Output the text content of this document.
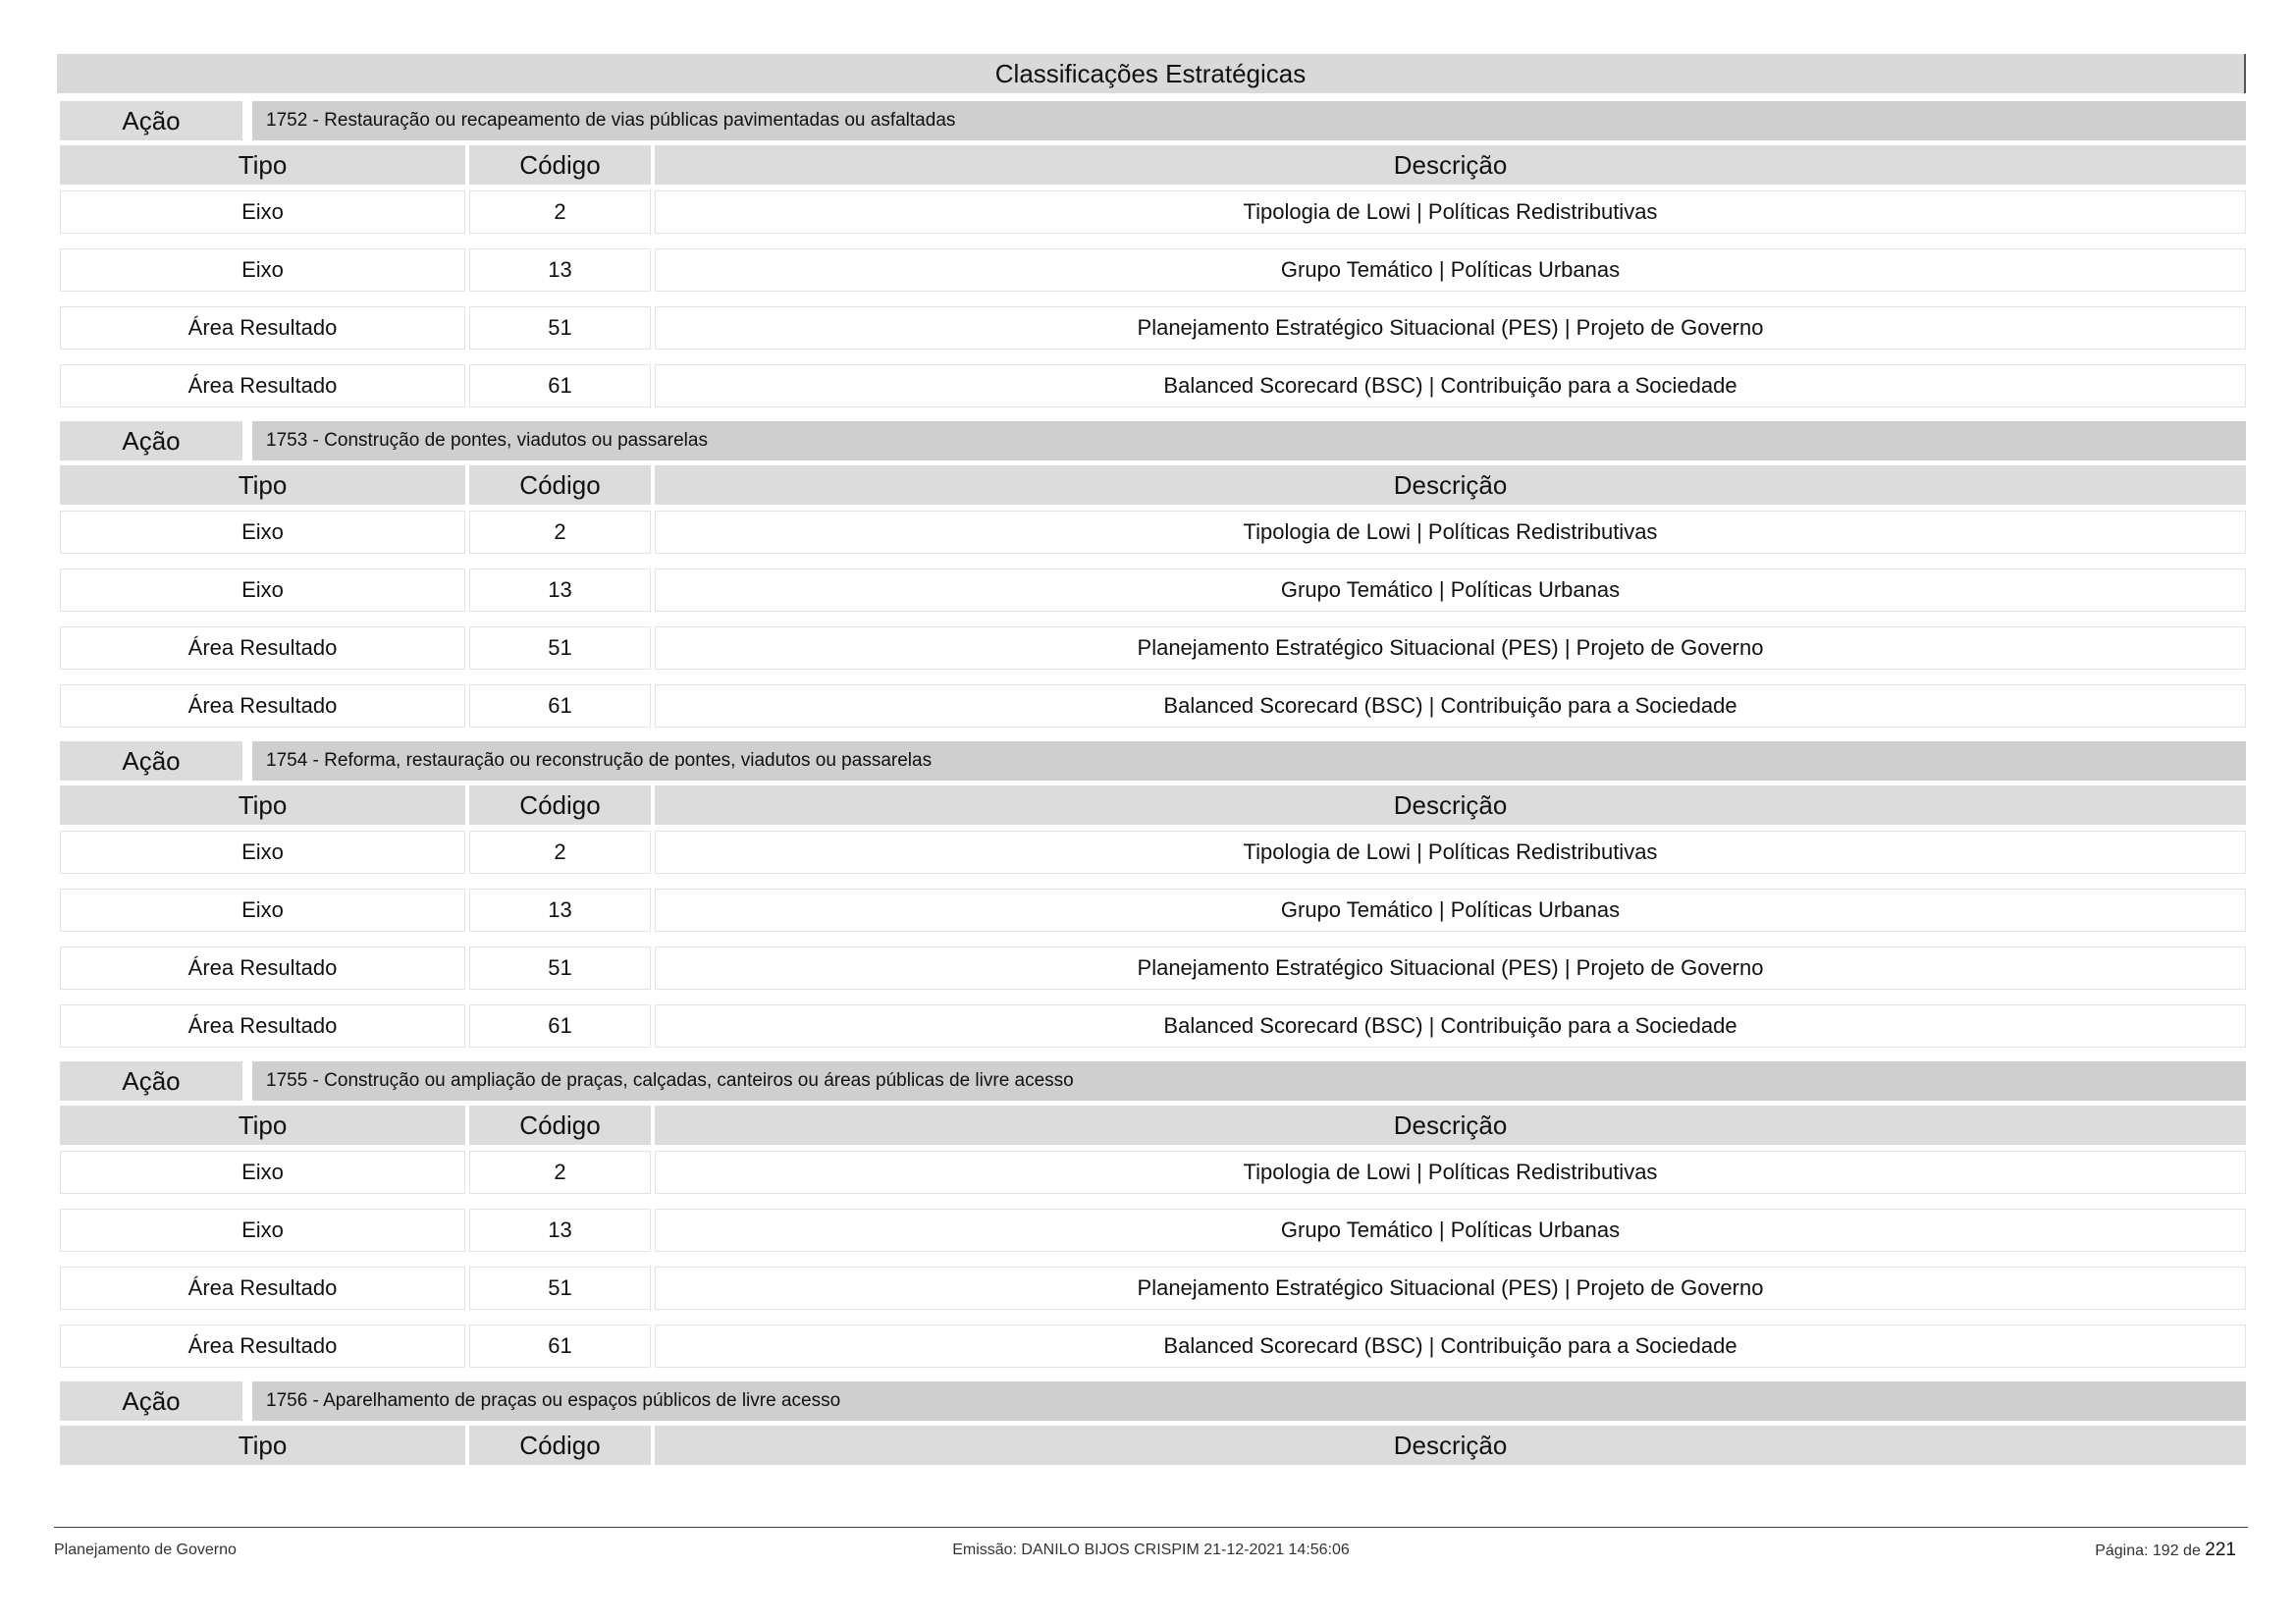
Classificações Estratégicas
Ação	1752 - Restauração ou recapeamento de vias públicas pavimentadas ou asfaltadas
Tipo	Código	Descrição
Eixo	2	Tipologia de Lowi | Políticas Redistributivas
Eixo	13	Grupo Temático | Políticas Urbanas
Área Resultado	51	Planejamento Estratégico Situacional (PES) | Projeto de Governo
Área Resultado	61	Balanced Scorecard (BSC) | Contribuição para a Sociedade
Ação	1753 - Construção de pontes, viadutos ou passarelas
Tipo	Código	Descrição
Eixo	2	Tipologia de Lowi | Políticas Redistributivas
Eixo	13	Grupo Temático | Políticas Urbanas
Área Resultado	51	Planejamento Estratégico Situacional (PES) | Projeto de Governo
Área Resultado	61	Balanced Scorecard (BSC) | Contribuição para a Sociedade
Ação	1754 - Reforma, restauração ou reconstrução de pontes, viadutos ou passarelas
Tipo	Código	Descrição
Eixo	2	Tipologia de Lowi | Políticas Redistributivas
Eixo	13	Grupo Temático | Políticas Urbanas
Área Resultado	51	Planejamento Estratégico Situacional (PES) | Projeto de Governo
Área Resultado	61	Balanced Scorecard (BSC) | Contribuição para a Sociedade
Ação	1755 - Construção ou ampliação de praças, calçadas, canteiros ou áreas públicas de livre acesso
Tipo	Código	Descrição
Eixo	2	Tipologia de Lowi | Políticas Redistributivas
Eixo	13	Grupo Temático | Políticas Urbanas
Área Resultado	51	Planejamento Estratégico Situacional (PES) | Projeto de Governo
Área Resultado	61	Balanced Scorecard (BSC) | Contribuição para a Sociedade
Ação	1756 - Aparelhamento de praças ou espaços públicos de livre acesso
Tipo	Código	Descrição
Planejamento de Governo	Emissão: DANILO BIJOS CRISPIM 21-12-2021 14:56:06	Página: 192 de 221
